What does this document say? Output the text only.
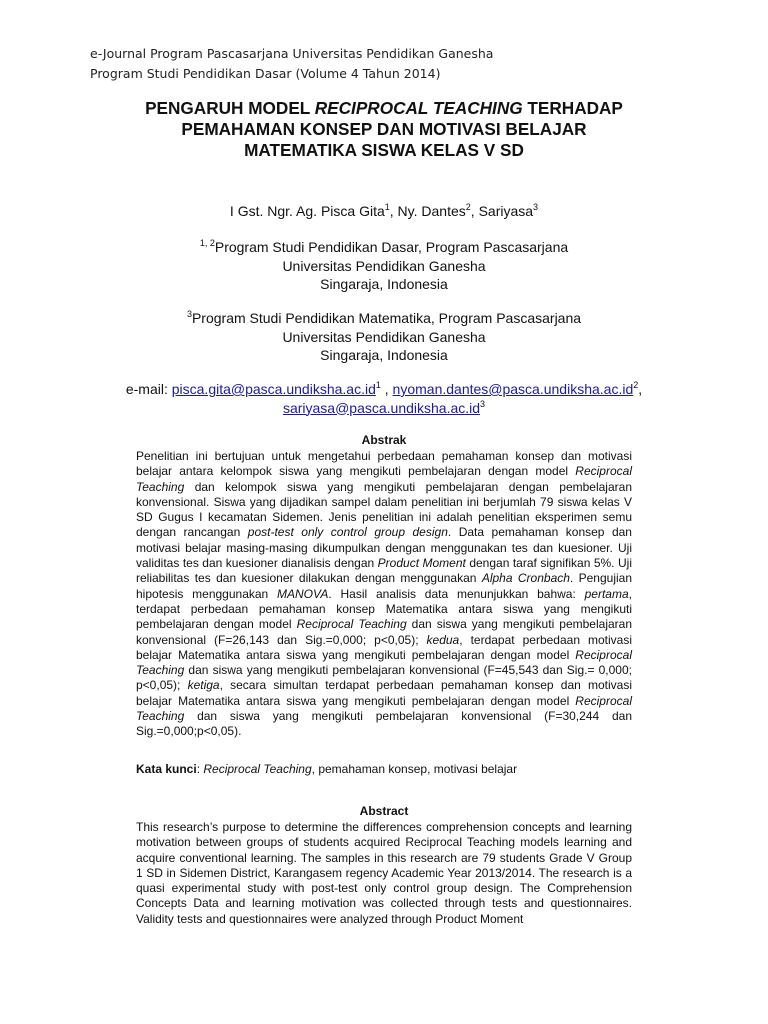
e-Journal Program Pascasarjana Universitas Pendidikan Ganesha
Program Studi Pendidikan Dasar (Volume 4 Tahun 2014)
PENGARUH MODEL RECIPROCAL TEACHING TERHADAP
PEMAHAMAN KONSEP DAN MOTIVASI BELAJAR
MATEMATIKA SISWA KELAS V SD
I Gst. Ngr. Ag. Pisca Gita$^1$, Ny. Dantes$^2$, Sariyasa$^3$
$^{1, 2}$Program Studi Pendidikan Dasar, Program Pascasarjana
Universitas Pendidikan Ganesha
Singaraja, Indonesia
$^3$Program Studi Pendidikan Matematika, Program Pascasarjana
Universitas Pendidikan Ganesha
Singaraja, Indonesia
e-mail: $pisca.gita@pasca.undiksha.ac.id^1$ , $nyoman.dantes@pasca.undiksha.ac.id^2$,
$sariyasa@pasca.undiksha.ac.id^3$
Abstrak
Penelitian ini bertujuan untuk mengetahui perbedaan pemahaman konsep dan motivasi belajar antara kelompok siswa yang mengikuti pembelajaran dengan model Reciprocal Teaching dan kelompok siswa yang mengikuti pembelajaran dengan pembelajaran konvensional. Siswa yang dijadikan sampel dalam penelitian ini berjumlah 79 siswa kelas V SD Gugus I kecamatan Sidemen. Jenis penelitian ini adalah penelitian eksperimen semu dengan rancangan post-test only control group design. Data pemahaman konsep dan motivasi belajar masing-masing dikumpulkan dengan menggunakan tes dan kuesioner. Uji validitas tes dan kuesioner dianalisis dengan Product Moment dengan taraf signifikan 5%. Uji reliabilitas tes dan kuesioner dilakukan dengan menggunakan Alpha Cronbach. Pengujian hipotesis menggunakan MANOVA. Hasil analisis data menunjukkan bahwa: pertama, terdapat perbedaan pemahaman konsep Matematika antara siswa yang mengikuti pembelajaran dengan model Reciprocal Teaching dan siswa yang mengikuti pembelajaran konvensional (F=26,143 dan Sig.=0,000; p<0,05); kedua, terdapat perbedaan motivasi belajar Matematika antara siswa yang mengikuti pembelajaran dengan model Reciprocal Teaching dan siswa yang mengikuti pembelajaran konvensional (F=45,543 dan Sig.= 0,000; p<0,05); ketiga, secara simultan terdapat perbedaan pemahaman konsep dan motivasi belajar Matematika antara siswa yang mengikuti pembelajaran dengan model Reciprocal Teaching dan siswa yang mengikuti pembelajaran konvensional (F=30,244 dan Sig.=0,000;p<0,05).
Kata kunci: Reciprocal Teaching, pemahaman konsep, motivasi belajar
Abstract
This research’s purpose to determine the differences comprehension concepts and learning motivation between groups of students acquired Reciprocal Teaching models learning and acquire conventional learning. The samples in this research are 79 students Grade V Group 1 SD in Sidemen District, Karangasem regency Academic Year 2013/2014. The research is a quasi experimental study with post-test only control group design. The Comprehension Concepts Data and learning motivation was collected through tests and questionnaires. Validity tests and questionnaires were analyzed through Product Moment
